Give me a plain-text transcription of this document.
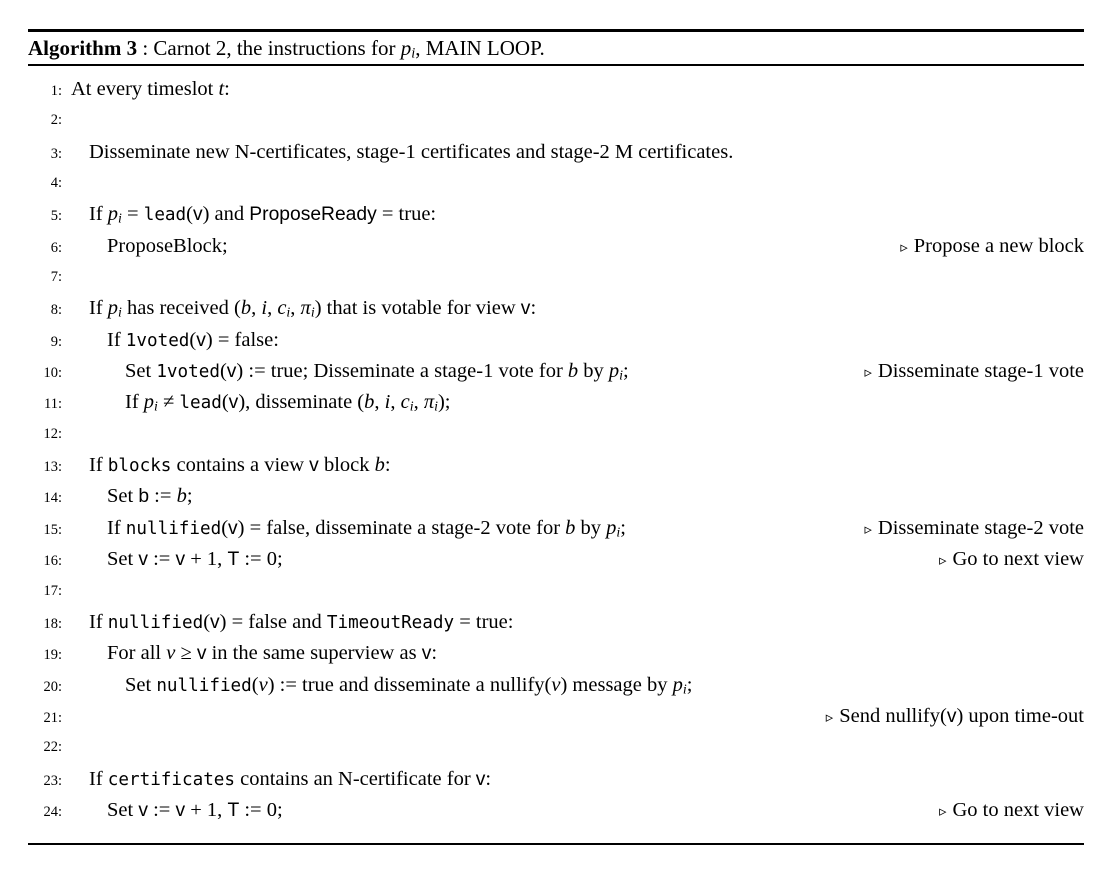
Algorithm 3 : Carnot 2, the instructions for pi, MAIN LOOP.
1: At every timeslot t:
2:
3:	Disseminate new N-certificates, stage-1 certificates and stage-2 M certificates.
4:
5:	If pi = lead(v) and ProposeReady = true:
6:	ProposeBlock;	▹ Propose a new block
7:
8:	If pi has received (b, i, ci, πi) that is votable for view v:
9:	If 1voted(v) = false:
10:	Set 1voted(v) := true; Disseminate a stage-1 vote for b by pi;	▹ Disseminate stage-1 vote
11:	If pi ≠ lead(v), disseminate (b, i, ci, πi);
12:
13:	If blocks contains a view v block b:
14:	Set b := b;
15:	If nullified(v) = false, disseminate a stage-2 vote for b by pi;	▹ Disseminate stage-2 vote
16:	Set v := v + 1, T := 0;	▹ Go to next view
17:
18:	If nullified(v) = false and TimeoutReady = true:
19:	For all v ≥ v in the same superview as v:
20:	Set nullified(v) := true and disseminate a nullify(v) message by pi;
21:	▹ Send nullify(v) upon time-out
22:
23:	If certificates contains an N-certificate for v:
24:	Set v := v + 1, T := 0;	▹ Go to next view
